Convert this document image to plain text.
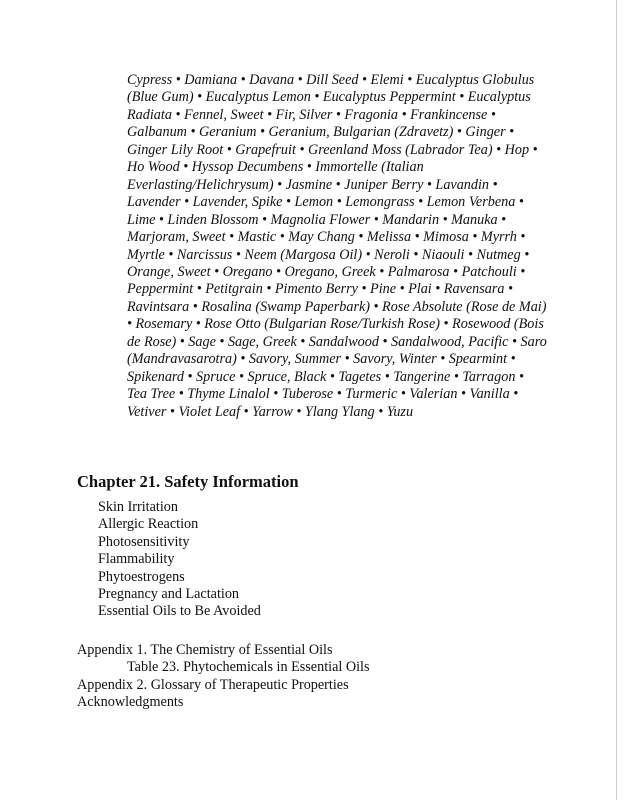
Cypress • Damiana • Davana • Dill Seed • Elemi • Eucalyptus Globulus (Blue Gum) • Eucalyptus Lemon • Eucalyptus Peppermint • Eucalyptus Radiata • Fennel, Sweet • Fir, Silver • Fragonia • Frankincense • Galbanum • Geranium • Geranium, Bulgarian (Zdravetz) • Ginger • Ginger Lily Root • Grapefruit • Greenland Moss (Labrador Tea) • Hop • Ho Wood • Hyssop Decumbens • Immortelle (Italian Everlasting/Helichrysum) • Jasmine • Juniper Berry • Lavandin • Lavender • Lavender, Spike • Lemon • Lemongrass • Lemon Verbena • Lime • Linden Blossom • Magnolia Flower • Mandarin • Manuka • Marjoram, Sweet • Mastic • May Chang • Melissa • Mimosa • Myrrh • Myrtle • Narcissus • Neem (Margosa Oil) • Neroli • Niaouli • Nutmeg • Orange, Sweet • Oregano • Oregano, Greek • Palmarosa • Patchouli • Peppermint • Petitgrain • Pimento Berry • Pine • Plai • Ravensara • Ravintsara • Rosalina (Swamp Paperbark) • Rose Absolute (Rose de Mai) • Rosemary • Rose Otto (Bulgarian Rose/Turkish Rose) • Rosewood (Bois de Rose) • Sage • Sage, Greek • Sandalwood • Sandalwood, Pacific • Saro (Mandravasarotra) • Savory, Summer • Savory, Winter • Spearmint • Spikenard • Spruce • Spruce, Black • Tagetes • Tangerine • Tarragon • Tea Tree • Thyme Linalol • Tuberose • Turmeric • Valerian • Vanilla • Vetiver • Violet Leaf • Yarrow • Ylang Ylang • Yuzu

Chapter 21. Safety Information
Skin Irritation
Allergic Reaction
Photosensitivity
Flammability
Phytoestrogens
Pregnancy and Lactation
Essential Oils to Be Avoided
Appendix 1. The Chemistry of Essential Oils
Table 23. Phytochemicals in Essential Oils
Appendix 2. Glossary of Therapeutic Properties
Acknowledgments
